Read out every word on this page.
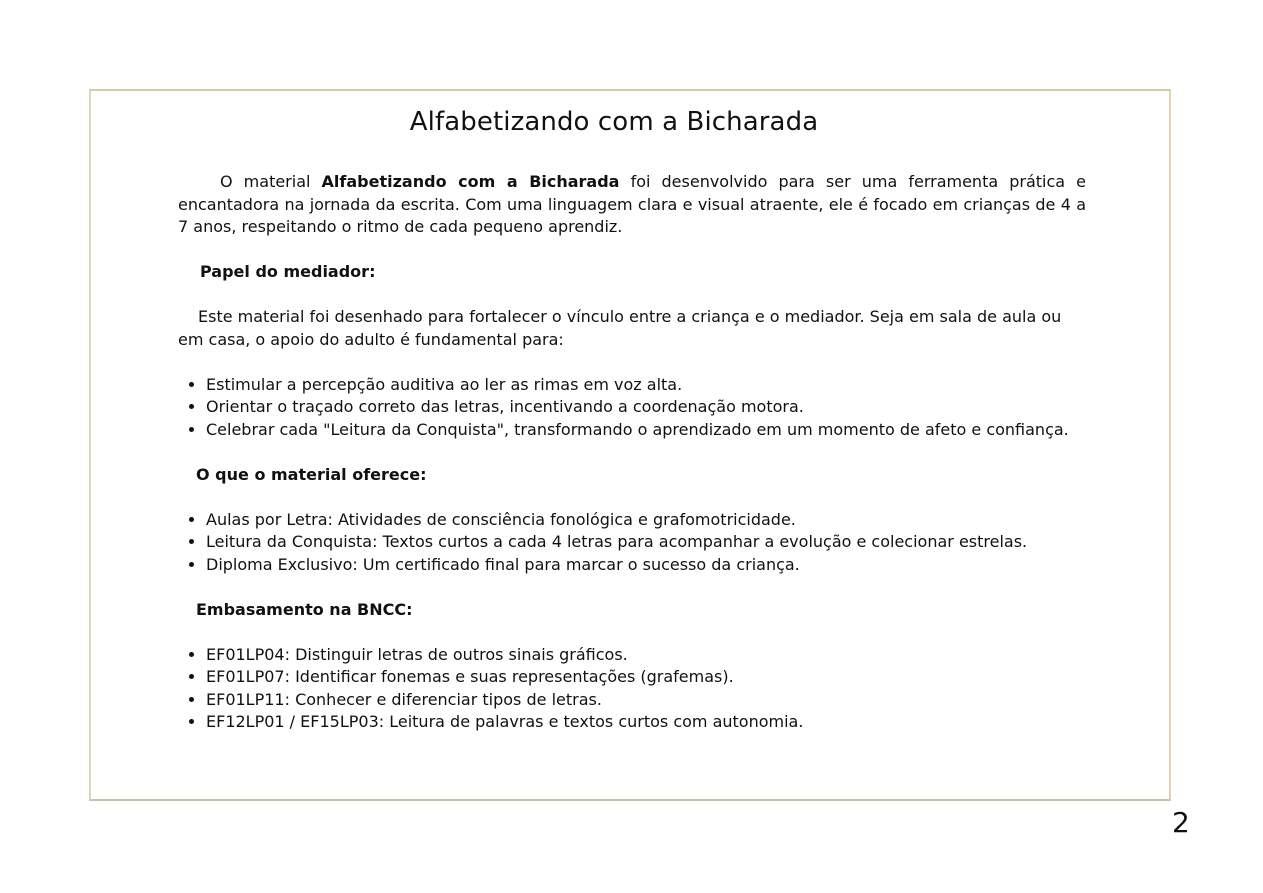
Alfabetizando com a Bicharada

O material Alfabetizando com a Bicharada foi desenvolvido para ser uma ferramenta prática e encantadora na jornada da escrita. Com uma linguagem clara e visual atraente, ele é focado em crianças de 4 a 7 anos, respeitando o ritmo de cada pequeno aprendiz.

Papel do mediador:

Este material foi desenhado para fortalecer o vínculo entre a criança e o mediador. Seja em sala de aula ou em casa, o apoio do adulto é fundamental para:

• Estimular a percepção auditiva ao ler as rimas em voz alta.
• Orientar o traçado correto das letras, incentivando a coordenação motora.
• Celebrar cada "Leitura da Conquista", transformando o aprendizado em um momento de afeto e confiança.
O que o material oferece:
• Aulas por Letra: Atividades de consciência fonológica e grafomotricidade.
• Leitura da Conquista: Textos curtos a cada 4 letras para acompanhar a evolução e colecionar estrelas.
• Diploma Exclusivo: Um certificado final para marcar o sucesso da criança.
Embasamento na BNCC:
• EF01LP04: Distinguir letras de outros sinais gráficos.
• EF01LP07: Identificar fonemas e suas representações (grafemas).
• EF01LP11: Conhecer e diferenciar tipos de letras.
• EF12LP01 / EF15LP03: Leitura de palavras e textos curtos com autonomia.
2
